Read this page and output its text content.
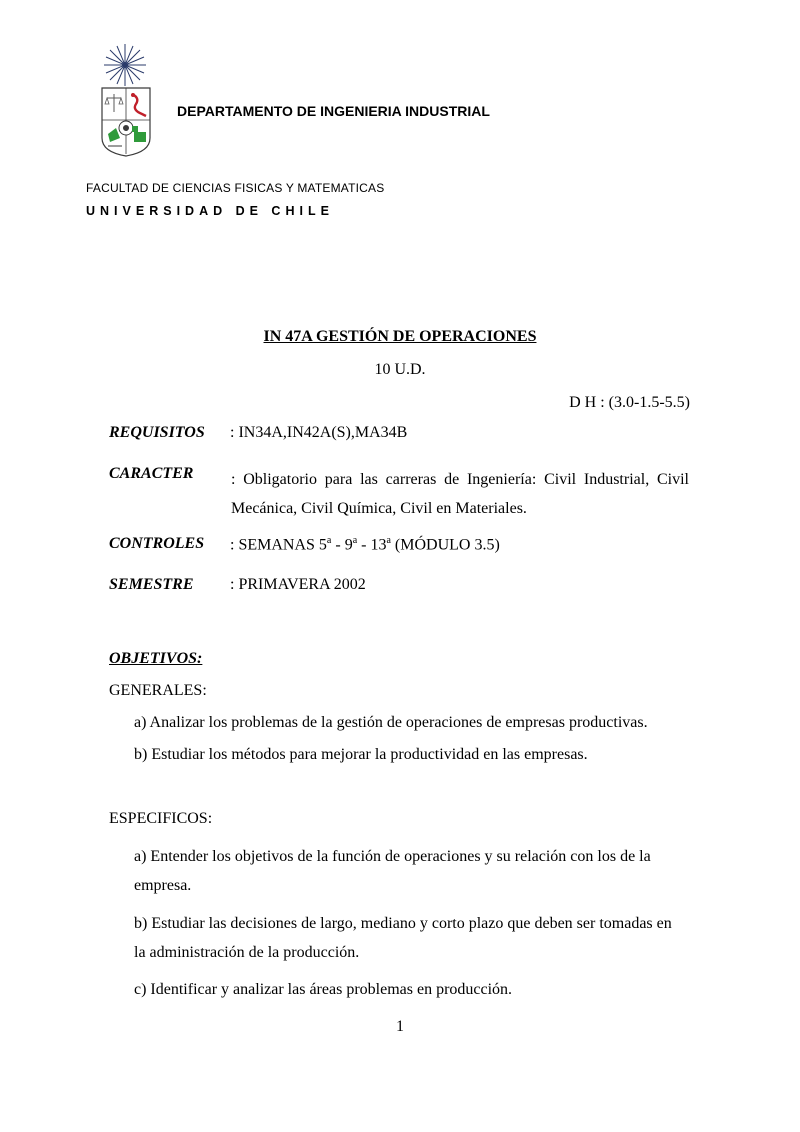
DEPARTAMENTO DE INGENIERIA INDUSTRIAL
FACULTAD DE CIENCIAS FISICAS Y MATEMATICAS
UNIVERSIDAD DE CHILE
IN 47A GESTIÓN DE OPERACIONES
10 U.D.
D H : (3.0-1.5-5.5)
REQUISITOS : IN34A,IN42A(S),MA34B
CARACTER : Obligatorio para las carreras de Ingeniería: Civil Industrial, Civil Mecánica, Civil Química, Civil en Materiales.
CONTROLES : SEMANAS 5$^a$ - 9$^a$ - 13$^a$ (MÓDULO 3.5)
SEMESTRE : PRIMAVERA 2002
OBJETIVOS:
GENERALES:
a) Analizar los problemas de la gestión de operaciones de empresas productivas.
b) Estudiar los métodos para mejorar la productividad en las empresas.
ESPECIFICOS:
a) Entender los objetivos de la función de operaciones y su relación con los de la empresa.
b) Estudiar las decisiones de largo, mediano y corto plazo que deben ser tomadas en la administración de la producción.
c) Identificar y analizar las áreas problemas en producción.
1
